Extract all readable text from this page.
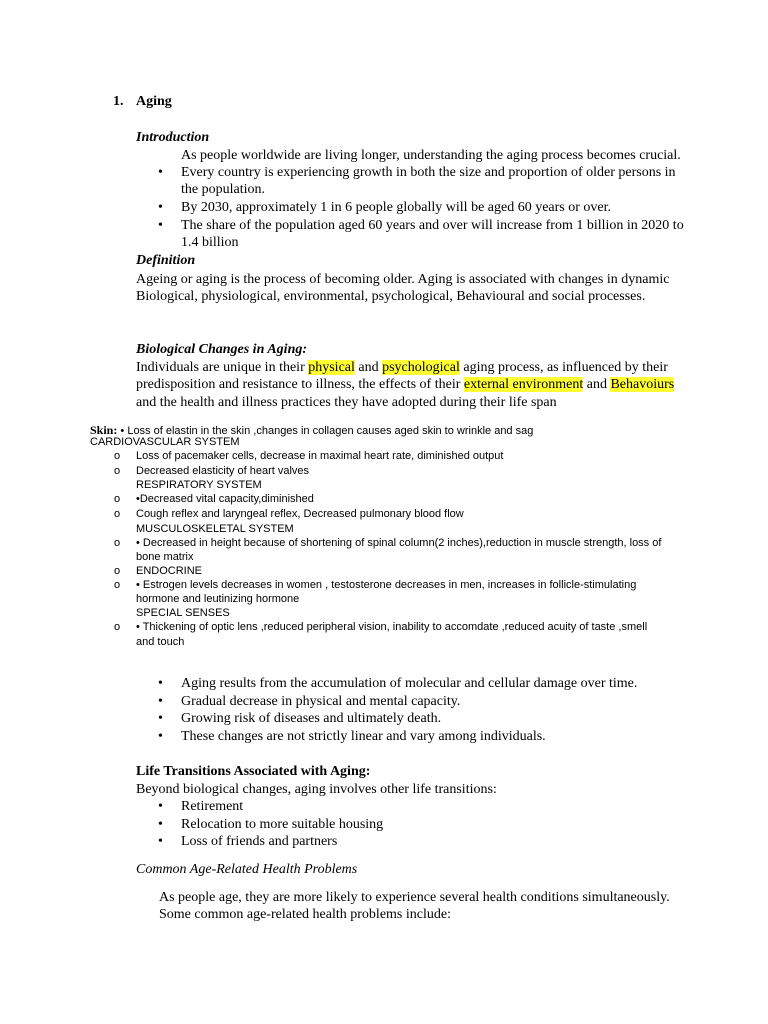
1. Aging
Introduction
As people worldwide are living longer, understanding the aging process becomes crucial.
• Every country is experiencing growth in both the size and proportion of older persons in
the population.
• By 2030, approximately 1 in 6 people globally will be aged 60 years or over.
• The share of the population aged 60 years and over will increase from 1 billion in 2020 to
1.4 billion
Definition
Ageing or aging is the process of becoming older. Aging is associated with changes in dynamic
Biological, physiological, environmental, psychological, Behavioural and social processes.
Biological Changes in Aging:
Individuals are unique in their physical and psychological aging process, as influenced by their
predisposition and resistance to illness, the effects of their external environment and Behavoiurs
and the health and illness practices they have adopted during their life span
Skin: • Loss of elastin in the skin ,changes in collagen causes aged skin to wrinkle and sag
CARDIOVASCULAR SYSTEM
o Loss of pacemaker cells, decrease in maximal heart rate, diminished output
o Decreased elasticity of heart valves
RESPIRATORY SYSTEM
o •Decreased vital capacity,diminished
o Cough reflex and laryngeal reflex, Decreased pulmonary blood flow
MUSCULOSKELETAL SYSTEM
o • Decreased in height because of shortening of spinal column(2 inches),reduction in muscle strength, loss of
bone matrix
o ENDOCRINE
o • Estrogen levels decreases in women , testosterone decreases in men, increases in follicle-stimulating
hormone and leutinizing hormone
SPECIAL SENSES
o • Thickening of optic lens ,reduced peripheral vision, inability to accomdate ,reduced acuity of taste ,smell
and touch
• Aging results from the accumulation of molecular and cellular damage over time.
• Gradual decrease in physical and mental capacity.
• Growing risk of diseases and ultimately death.
• These changes are not strictly linear and vary among individuals.
Life Transitions Associated with Aging:
Beyond biological changes, aging involves other life transitions:
• Retirement
• Relocation to more suitable housing
• Loss of friends and partners
Common Age-Related Health Problems
As people age, they are more likely to experience several health conditions simultaneously.
Some common age-related health problems include:
